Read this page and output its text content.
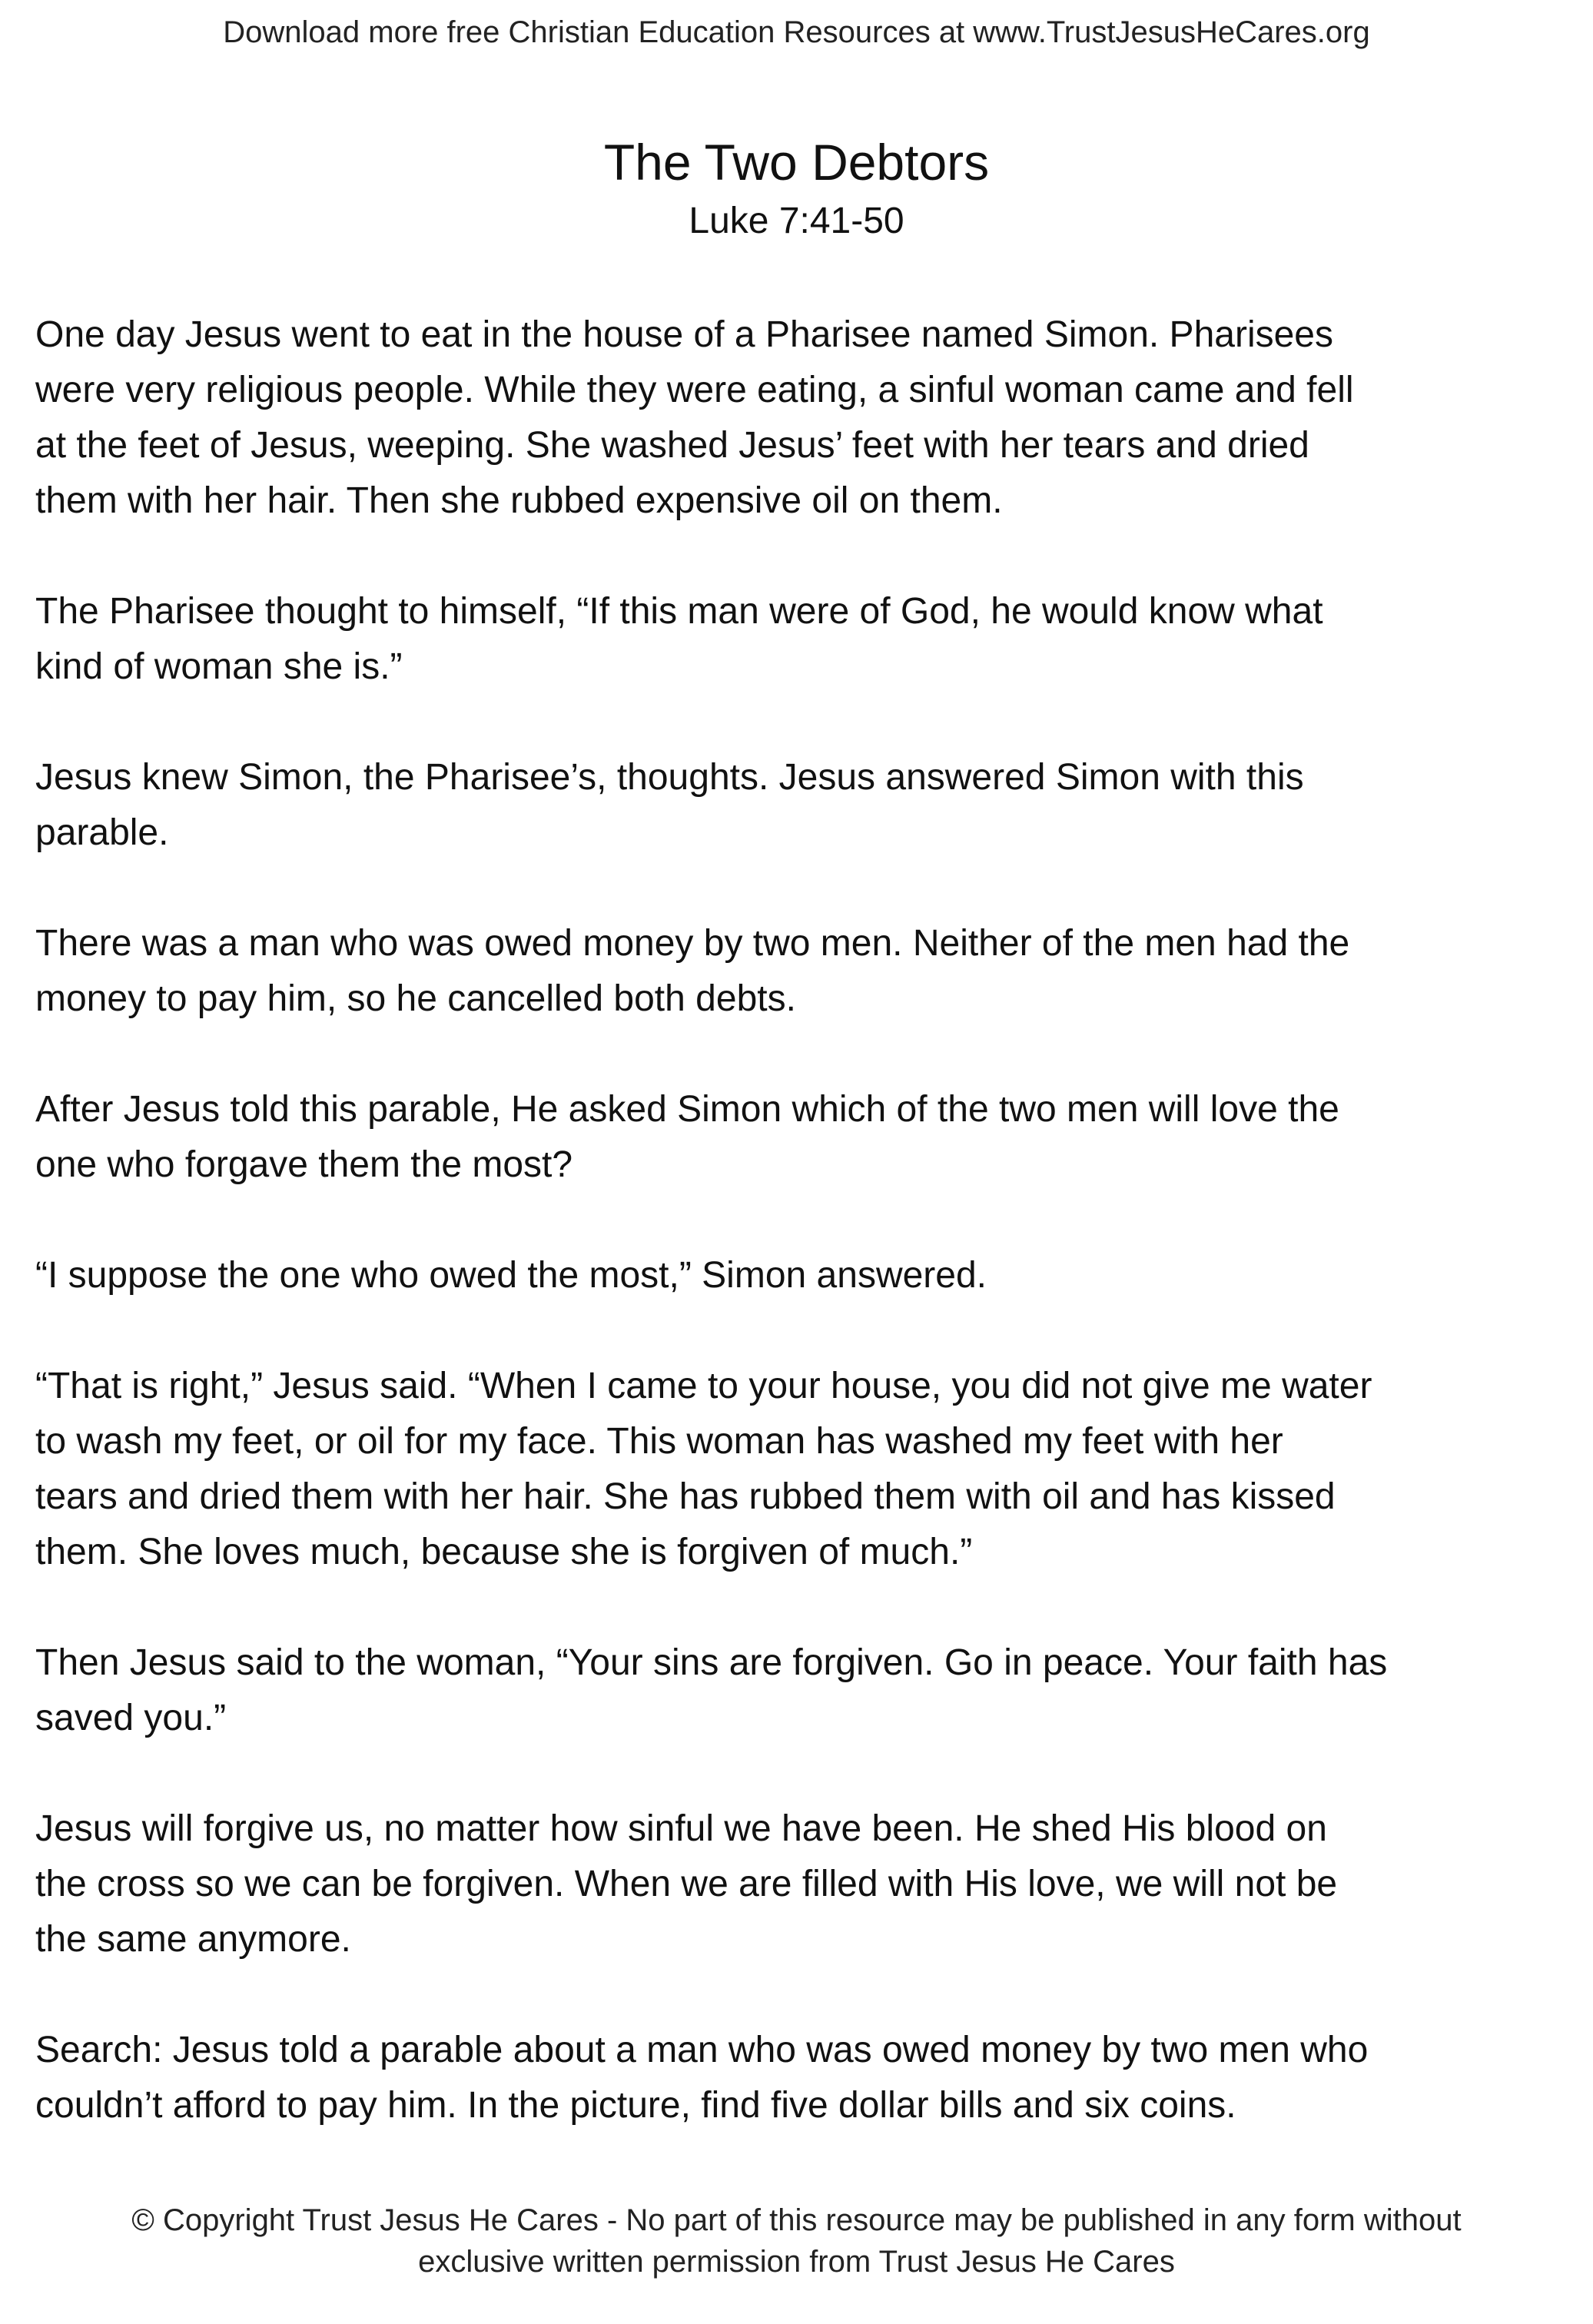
Download more free Christian Education Resources at www.TrustJesusHeCares.org
The Two Debtors
Luke 7:41-50

One day Jesus went to eat in the house of a Pharisee named Simon. Pharisees
were very religious people. While they were eating, a sinful woman came and fell
at the feet of Jesus, weeping. She washed Jesus’ feet with her tears and dried
them with her hair. Then she rubbed expensive oil on them.

The Pharisee thought to himself, “If this man were of God, he would know what
kind of woman she is.”

Jesus knew Simon, the Pharisee’s, thoughts. Jesus answered Simon with this
parable.

There was a man who was owed money by two men. Neither of the men had the
money to pay him, so he cancelled both debts.

After Jesus told this parable, He asked Simon which of the two men will love the
one who forgave them the most?

“I suppose the one who owed the most,” Simon answered.

“That is right,” Jesus said. “When I came to your house, you did not give me water
to wash my feet, or oil for my face. This woman has washed my feet with her
tears and dried them with her hair. She has rubbed them with oil and has kissed
them. She loves much, because she is forgiven of much.”

Then Jesus said to the woman, “Your sins are forgiven. Go in peace. Your faith has
saved you.”

Jesus will forgive us, no matter how sinful we have been. He shed His blood on
the cross so we can be forgiven. When we are filled with His love, we will not be
the same anymore.

Search: Jesus told a parable about a man who was owed money by two men who
couldn’t afford to pay him. In the picture, find five dollar bills and six coins.

© Copyright Trust Jesus He Cares - No part of this resource may be published in any form without
exclusive written permission from Trust Jesus He Cares
